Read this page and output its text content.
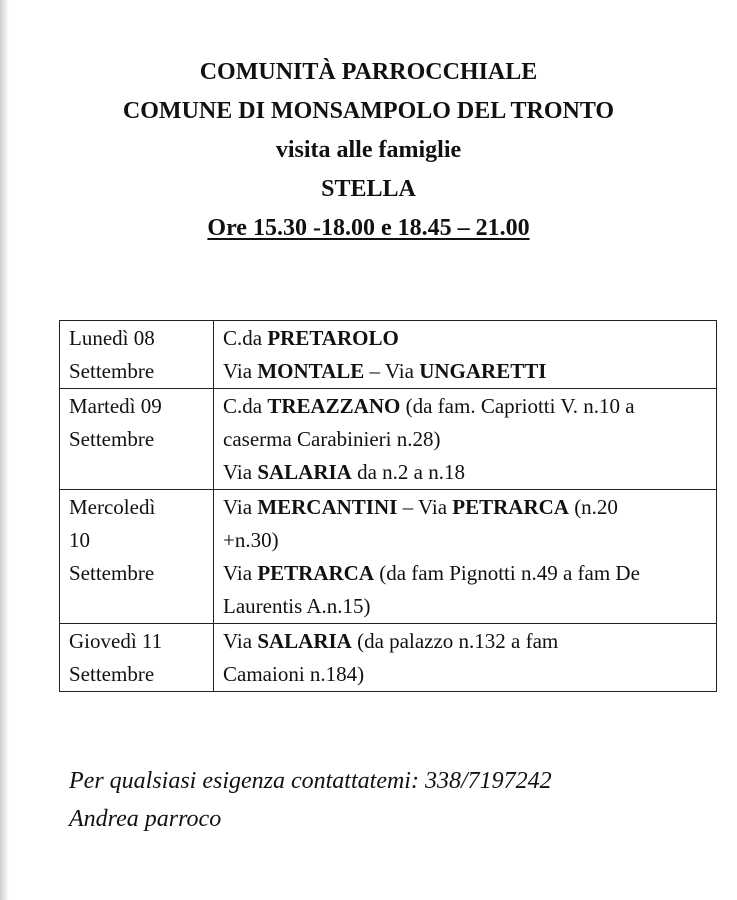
COMUNITÀ PARROCCHIALE
COMUNE DI MONSAMPOLO DEL TRONTO
visita alle famiglie
STELLA
Ore 15.30 -18.00 e 18.45 – 21.00
Lunedì 08
Settembre	C.da PRETAROLO
Via MONTALE – Via UNGARETTI

Martedì 09
Settembre	C.da TREAZZANO (da fam. Capriotti V. n.10 a
caserma Carabinieri n.28)
Via SALARIA da n.2 a n.18

Mercoledì
10
Settembre	Via MERCANTINI – Via PETRARCA (n.20
+n.30)
Via PETRARCA (da fam Pignotti n.49 a fam De
Laurentis A.n.15)

Giovedì 11
Settembre	Via SALARIA (da palazzo n.132 a fam
Camaioni n.184)
Per qualsiasi esigenza contattatemi: 338/7197242
Andrea parroco
